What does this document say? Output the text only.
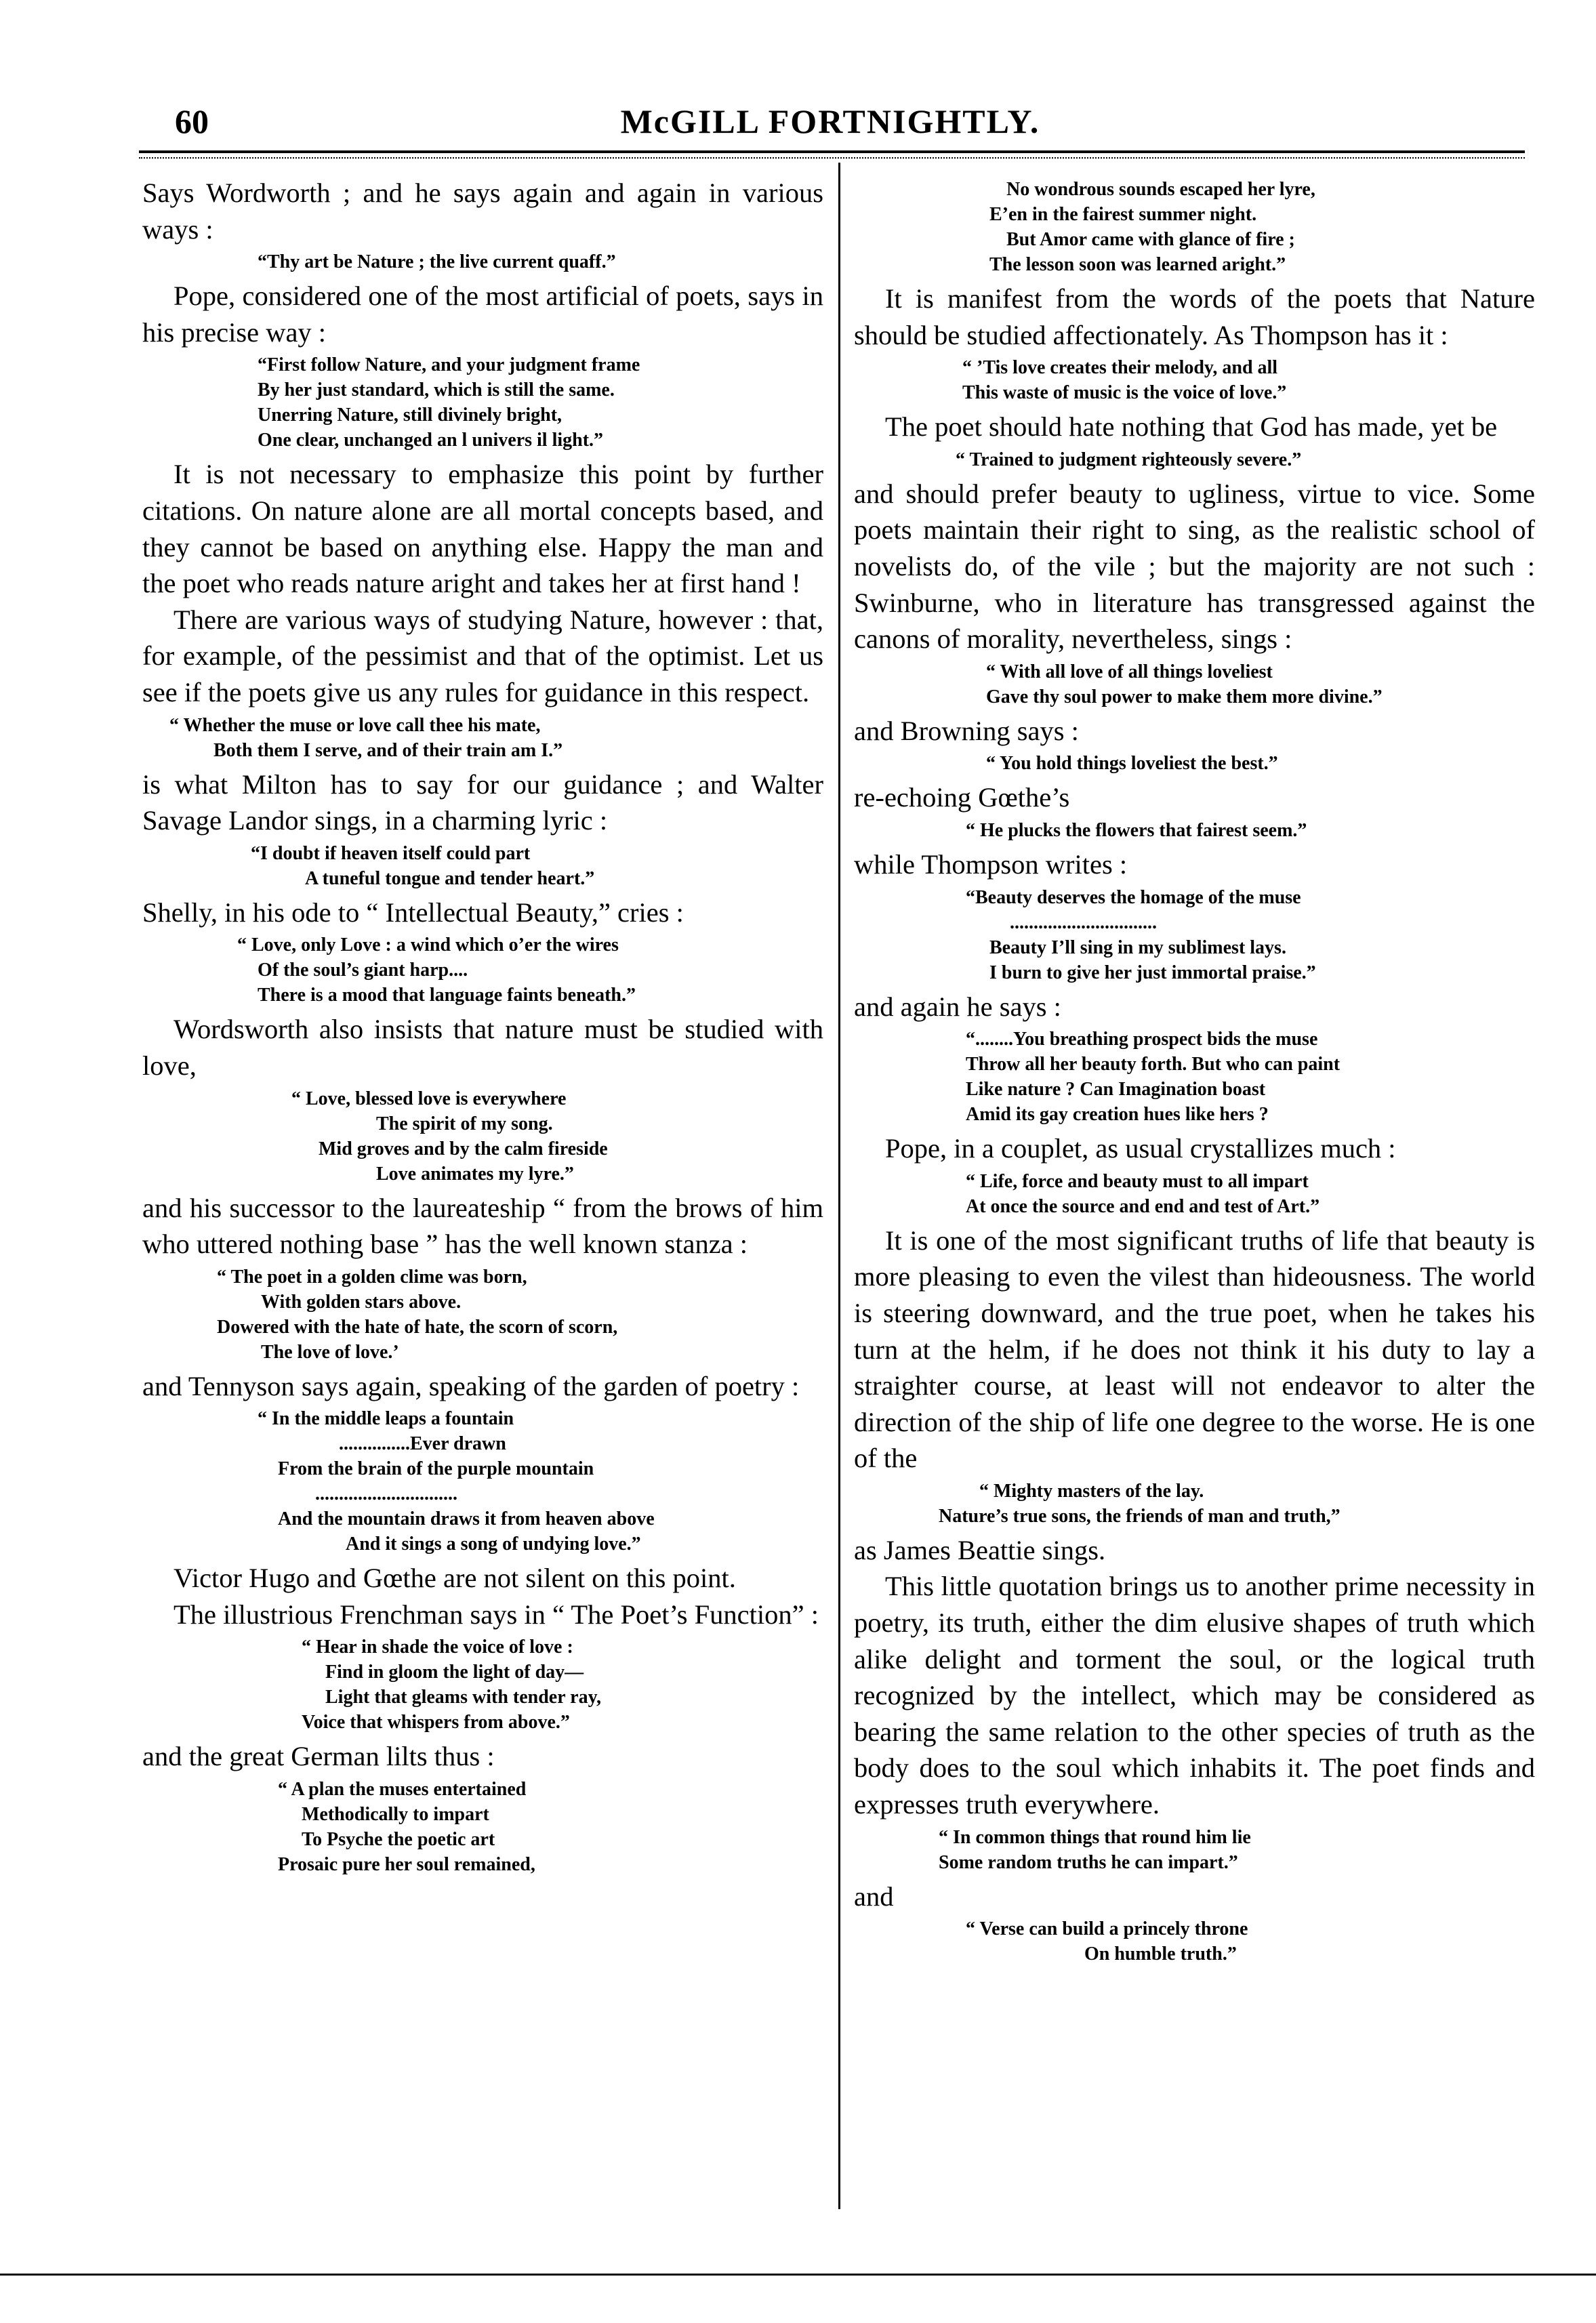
60	McGILL FORTNIGHTLY.

Says Wordworth ; and he says again and again in various ways :

“Thy art be Nature ; the live current quaff.”

Pope, considered one of the most artificial of poets, says in his precise way :

“First follow Nature, and your judgment frame
By her just standard, which is still the same.
Unerring Nature, still divinely bright,
One clear, unchanged an l univers il light.”

It is not necessary to emphasize this point by further citations. On nature alone are all mortal concepts based, and they cannot be based on anything else. Happy the man and the poet who reads nature aright and takes her at first hand !

There are various ways of studying Nature, however : that, for example, of the pessimist and that of the optimist. Let us see if the poets give us any rules for guidance in this respect.

“ Whether the muse or love call thee his mate,
Both them I serve, and of their train am I.”

is what Milton has to say for our guidance ; and Walter Savage Landor sings, in a charming lyric :

“I doubt if heaven itself could part
A tuneful tongue and tender heart.”

Shelly, in his ode to “ Intellectual Beauty,” cries :

“ Love, only Love : a wind which o’er the wires
Of the soul’s giant harp....
There is a mood that language faints beneath.”

Wordsworth also insists that nature must be studied with love,

“ Love, blessed love is everywhere
The spirit of my song.
Mid groves and by the calm fireside
Love animates my lyre.”

and his successor to the laureateship “ from the brows of him who uttered nothing base ” has the well known stanza :

“ The poet in a golden clime was born,
With golden stars above.
Dowered with the hate of hate, the scorn of scorn,
The love of love.’

and Tennyson says again, speaking of the garden of poetry :

“ In the middle leaps a fountain
...............Ever drawn
From the brain of the purple mountain
..............................
And the mountain draws it from heaven above
And it sings a song of undying love.”

Victor Hugo and Gœthe are not silent on this point.

The illustrious Frenchman says in “ The Poet’s Function” :

“ Hear in shade the voice of love :
Find in gloom the light of day—
Light that gleams with tender ray,
Voice that whispers from above.”

and the great German lilts thus :

“ A plan the muses entertained
Methodically to impart
To Psyche the poetic art
Prosaic pure her soul remained,
No wondrous sounds escaped her lyre,
E’en in the fairest summer night.
But Amor came with glance of fire ;
The lesson soon was learned aright.”

It is manifest from the words of the poets that Nature should be studied affectionately. As Thompson has it :

“ ’Tis love creates their melody, and all
This waste of music is the voice of love.”

The poet should hate nothing that God has made, yet be

“ Trained to judgment righteously severe.”

and should prefer beauty to ugliness, virtue to vice. Some poets maintain their right to sing, as the realistic school of novelists do, of the vile ; but the majority are not such : Swinburne, who in literature has transgressed against the canons of morality, nevertheless, sings :

“ With all love of all things loveliest
Gave thy soul power to make them more divine.”

and Browning says :

“ You hold things loveliest the best.”

re-echoing Gœthe’s

“ He plucks the flowers that fairest seem.”

while Thompson writes :

“Beauty deserves the homage of the muse
...............................
Beauty I’ll sing in my sublimest lays.
I burn to give her just immortal praise.”

and again he says :

“........You breathing prospect bids the muse
Throw all her beauty forth. But who can paint
Like nature ? Can Imagination boast
Amid its gay creation hues like hers ?

Pope, in a couplet, as usual crystallizes much :

“ Life, force and beauty must to all impart
At once the source and end and test of Art.”

It is one of the most significant truths of life that beauty is more pleasing to even the vilest than hideousness. The world is steering downward, and the true poet, when he takes his turn at the helm, if he does not think it his duty to lay a straighter course, at least will not endeavor to alter the direction of the ship of life one degree to the worse. He is one of the

“ Mighty masters of the lay.
Nature’s true sons, the friends of man and truth,”

as James Beattie sings.

This little quotation brings us to another prime necessity in poetry, its truth, either the dim elusive shapes of truth which alike delight and torment the soul, or the logical truth recognized by the intellect, which may be considered as bearing the same relation to the other species of truth as the body does to the soul which inhabits it. The poet finds and expresses truth everywhere.

“ In common things that round him lie
Some random truths he can impart.”

and

“ Verse can build a princely throne
On humble truth.”
